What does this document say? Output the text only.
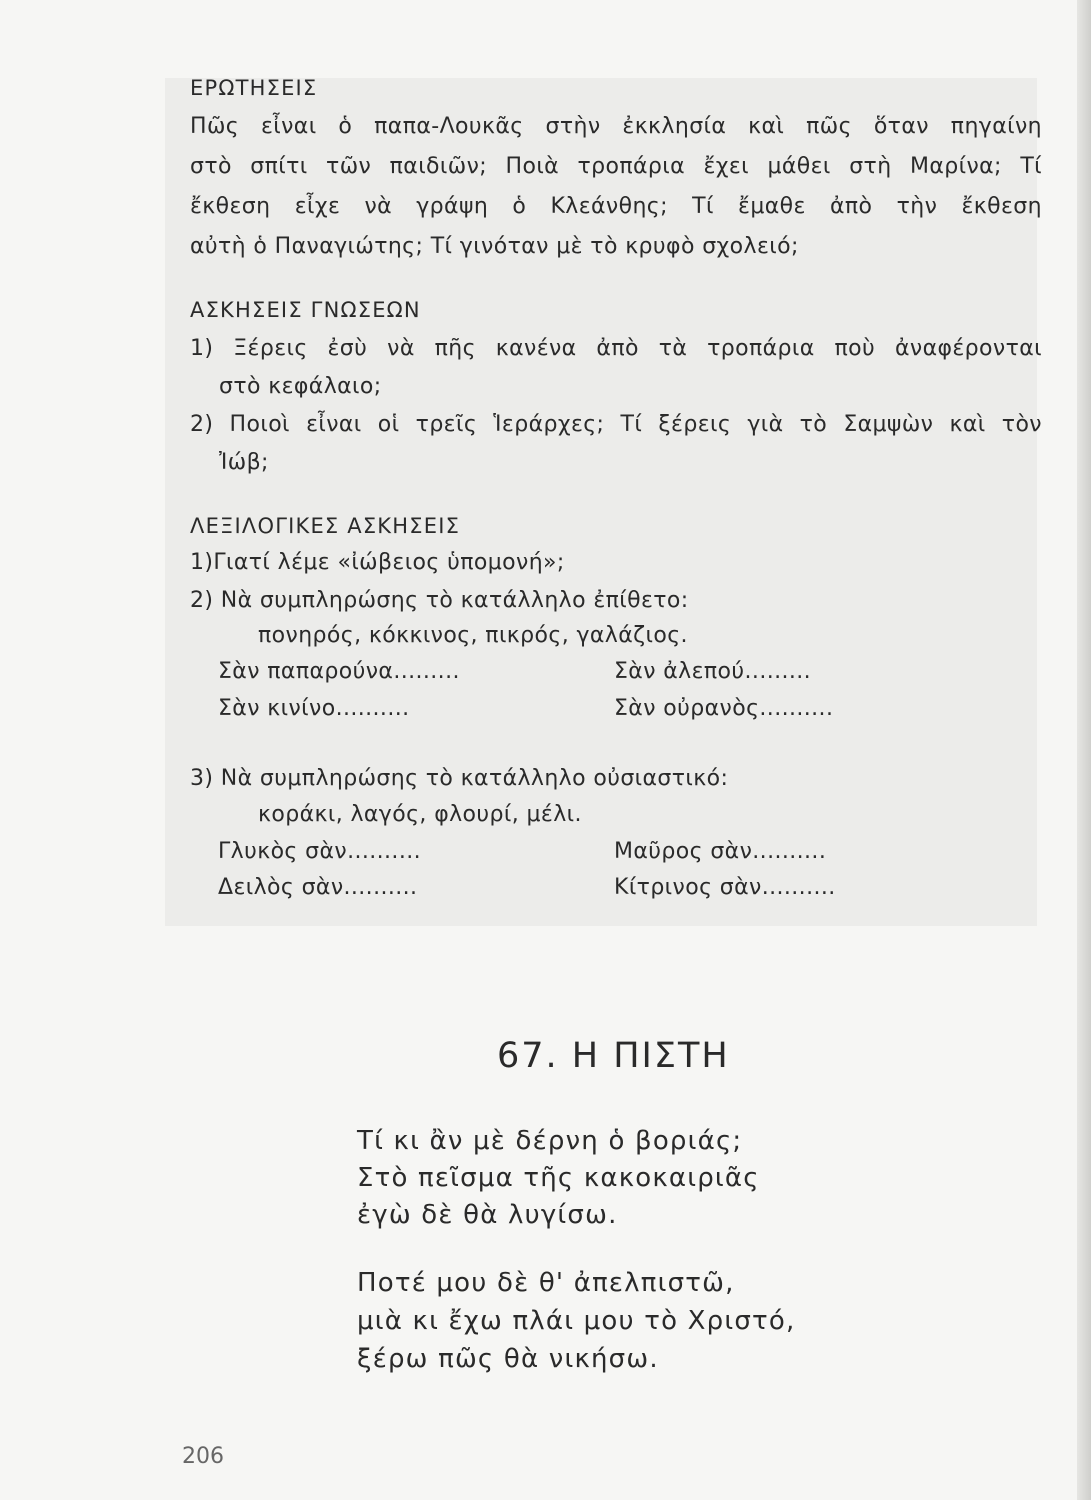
ΕΡΩΤΗΣΕΙΣ
Πῶς εἶναι ὁ παπα-Λουκᾶς στὴν ἐκκλησία καὶ πῶς ὅταν πηγαίνη
στὸ σπίτι τῶν παιδιῶν; Ποιὰ τροπάρια ἔχει μάθει στὴ Μαρίνα; Τί
ἔκθεση εἶχε νὰ γράψη ὁ Κλεάνθης; Τί ἔμαθε ἀπὸ τὴν ἔκθεση
αὐτὴ ὁ Παναγιώτης; Τί γινόταν μὲ τὸ κρυφὸ σχολειό;
ΑΣΚΗΣΕΙΣ ΓΝΩΣΕΩΝ
1) Ξέρεις ἐσὺ νὰ πῆς κανένα ἀπὸ τὰ τροπάρια ποὺ ἀναφέρονται
στὸ κεφάλαιο;
2) Ποιοὶ εἶναι οἱ τρεῖς Ἱεράρχες; Τί ξέρεις γιὰ τὸ Σαμψὼν καὶ τὸν
Ἰώβ;
ΛΕΞΙΛΟΓΙΚΕΣ ΑΣΚΗΣΕΙΣ
1)Γιατί λέμε «ἰώβειος ὑπομονή»;
2) Νὰ συμπληρώσης τὸ κατάλληλο ἐπίθετο:
πονηρός, κόκκινος, πικρός, γαλάζιος.
Σὰν παπαρούνα.........	Σὰν ἀλεπού.........
Σὰν κινίνο..........	Σὰν οὐρανὸς..........
3) Νὰ συμπληρώσης τὸ κατάλληλο οὐσιαστικό:
κοράκι, λαγός, φλουρί, μέλι.
Γλυκὸς σὰν..........	Μαῦρος σὰν..........
Δειλὸς σὰν..........	Κίτρινος σὰν..........
67. Η ΠΙΣΤΗ
Τί κι ἂν μὲ δέρνη ὁ βοριάς;
Στὸ πεῖσμα τῆς κακοκαιριᾶς
ἐγὼ δὲ θὰ λυγίσω.
Ποτέ μου δὲ θ' ἀπελπιστῶ,
μιὰ κι ἔχω πλάι μου τὸ Χριστό,
ξέρω πῶς θὰ νικήσω.
206
